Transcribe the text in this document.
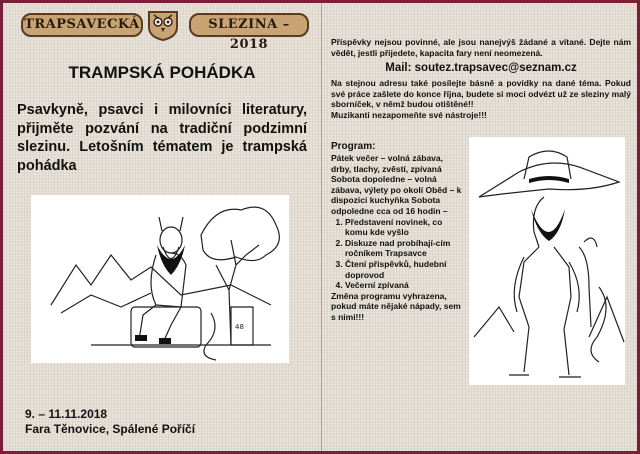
TRAPSAVECKÁ	SLEZINA – 2018
TRAMPSKÁ POHÁDKA
Psavkyně, psavci i milovníci literatury, přijměte pozvání na tradiční podzimní slezinu. Letošním tématem je trampská pohádka
48
9. – 11.11.2018
Fara Těnovice, Spálené Poříčí

Příspěvky nejsou povinné, ale jsou nanejvýš žádané a vítané. Dejte nám vědět, jestli přijedete, kapacita fary není neomezená.

Mail: soutez.trapsavec@seznam.cz

Na stejnou adresu také posílejte básně a povídky na dané téma. Pokud své práce zašlete do konce října, budete si moci odvézt už ze sleziny malý sborníček, v němž budou otištěné!!

Muzikanti nezapomeňte své nástroje!!!

Program:

Pátek večer – volná zábava, drby, tlachy, zvěstí, zpívaná Sobota dopoledne – volná zábava, výlety po okolí Oběd – k dispozici kuchyňka Sobota odpoledne cca od 16 hodin –

1. Představení novinek, co komu kde vyšlo
2. Diskuze nad probíhají-cím ročníkem Trapsavce
3. Čtení příspěvků, hudební doprovod
4. Večerní zpívaná

Změna programu vyhrazena, pokud máte nějaké nápady, sem s nimi!!!
